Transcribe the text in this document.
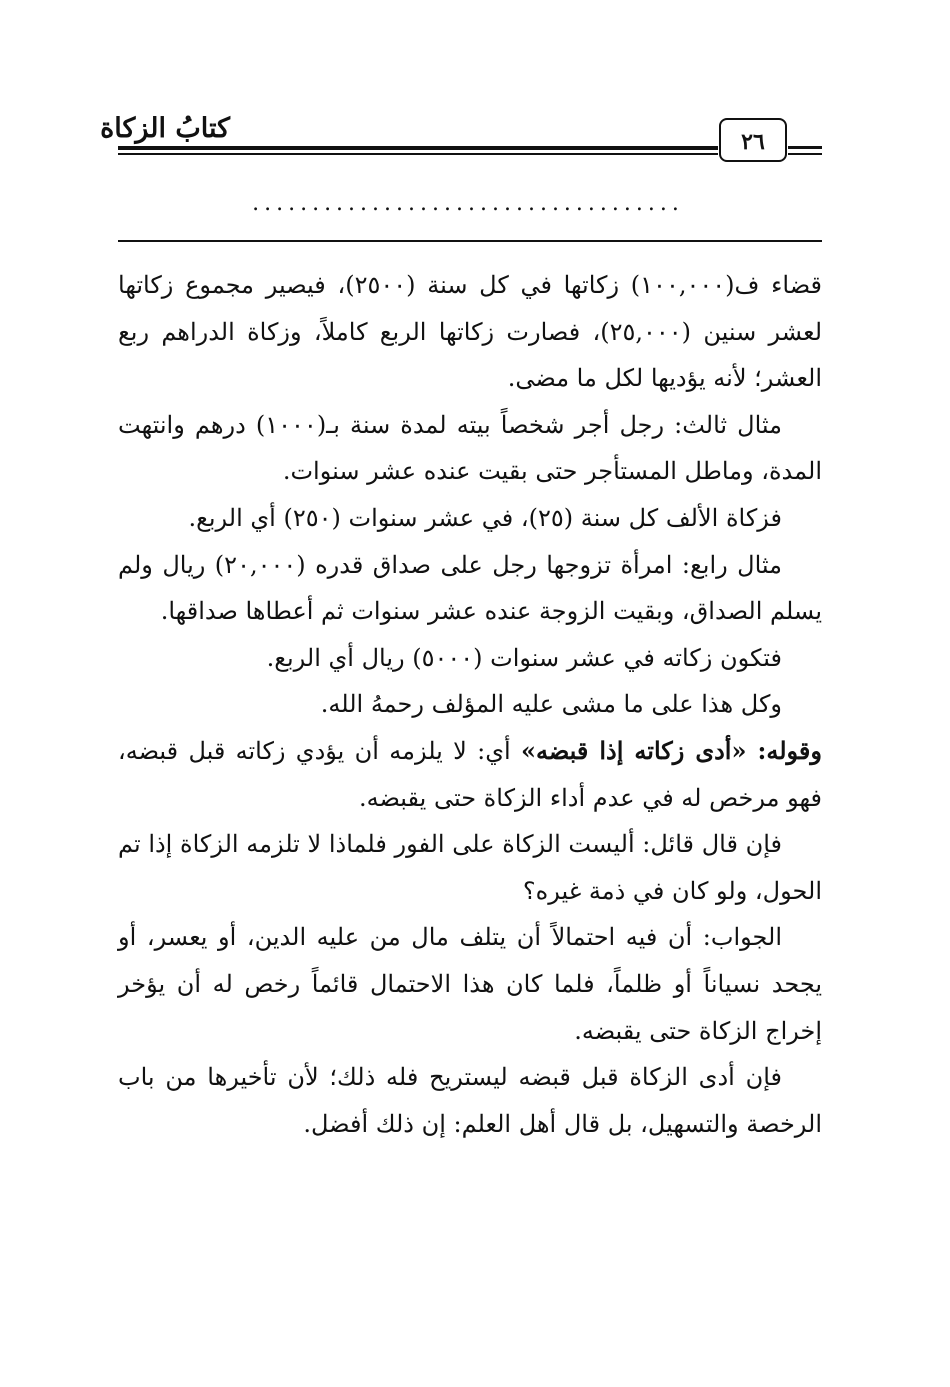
كتابُ الزكاة	٢٦
....................................

قضاء ف(١٠٠,٠٠٠) زكاتها في كل سنة (٢٥٠٠)، فيصير مجموع زكاتها لعشر سنين (٢٥,٠٠٠)، فصارت زكاتها الربع كاملاً، وزكاة الدراهم ربع العشر؛ لأنه يؤديها لكل ما مضى.

مثال ثالث: رجل أجر شخصاً بيته لمدة سنة بـ(١٠٠٠) درهم وانتهت المدة، وماطل المستأجر حتى بقيت عنده عشر سنوات.

فزكاة الألف كل سنة (٢٥)، في عشر سنوات (٢٥٠) أي الربع.

مثال رابع: امرأة تزوجها رجل على صداق قدره (٢٠,٠٠٠) ريال ولم يسلم الصداق، وبقيت الزوجة عنده عشر سنوات ثم أعطاها صداقها.

فتكون زكاته في عشر سنوات (٥٠٠٠) ريال أي الربع.

وكل هذا على ما مشى عليه المؤلف رحمهُ الله.

وقوله: «أدى زكاته إذا قبضه» أي: لا يلزمه أن يؤدي زكاته قبل قبضه، فهو مرخص له في عدم أداء الزكاة حتى يقبضه.

فإن قال قائل: أليست الزكاة على الفور فلماذا لا تلزمه الزكاة إذا تم الحول، ولو كان في ذمة غيره؟

الجواب: أن فيه احتمالاً أن يتلف مال من عليه الدين، أو يعسر، أو يجحد نسياناً أو ظلماً، فلما كان هذا الاحتمال قائماً رخص له أن يؤخر إخراج الزكاة حتى يقبضه.

فإن أدى الزكاة قبل قبضه ليستريح فله ذلك؛ لأن تأخيرها من باب الرخصة والتسهيل، بل قال أهل العلم: إن ذلك أفضل.
